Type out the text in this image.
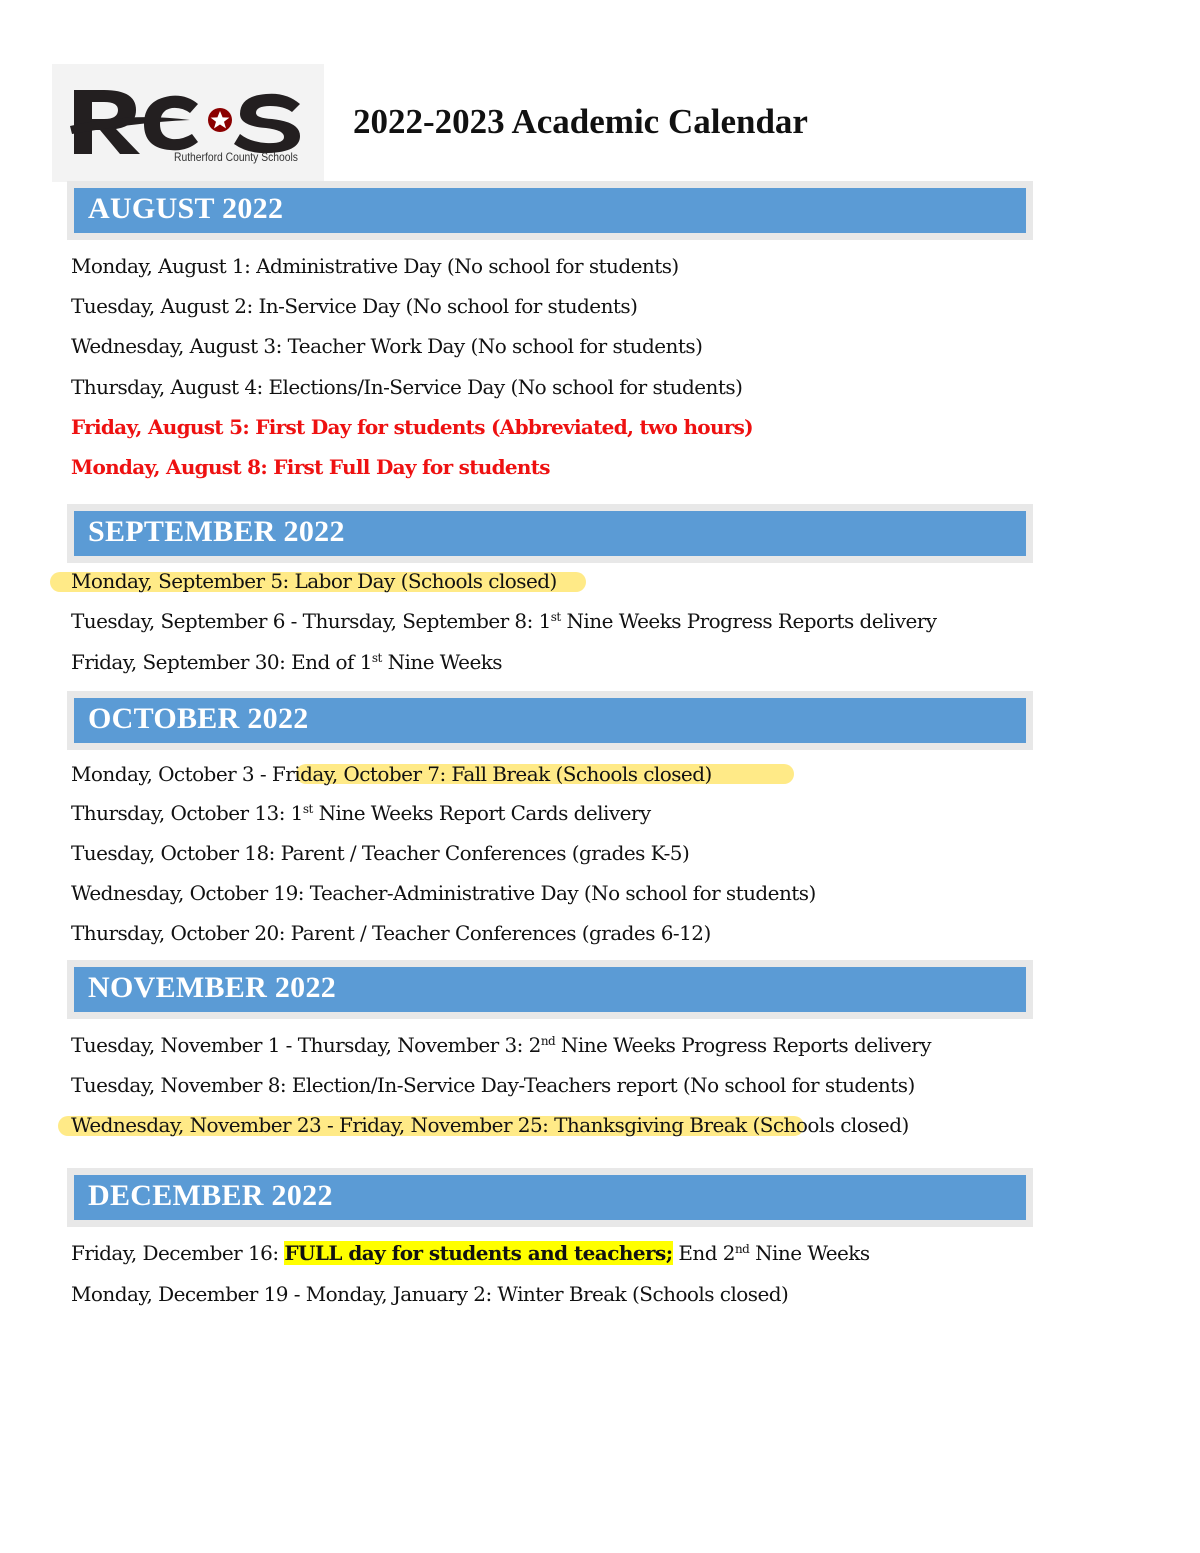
Rutherford County Schools
2022-2023 Academic Calendar
AUGUST 2022

Monday, August 1: Administrative Day (No school for students)

Tuesday, August 2: In-Service Day (No school for students)

Wednesday, August 3: Teacher Work Day (No school for students)

Thursday, August 4: Elections/In-Service Day (No school for students)

Friday, August 5: First Day for students (Abbreviated, two hours)

Monday, August 8: First Full Day for students

SEPTEMBER 2022

Monday, September 5: Labor Day (Schools closed)

Tuesday, September 6 - Thursday, September 8: 1st Nine Weeks Progress Reports delivery

Friday, September 30: End of 1st Nine Weeks

OCTOBER 2022

Monday, October 3 - Friday, October 7: Fall Break (Schools closed)

Thursday, October 13: 1st Nine Weeks Report Cards delivery

Tuesday, October 18: Parent / Teacher Conferences (grades K-5)

Wednesday, October 19: Teacher-Administrative Day (No school for students)

Thursday, October 20: Parent / Teacher Conferences (grades 6-12)

NOVEMBER 2022

Tuesday, November 1 - Thursday, November 3: 2nd Nine Weeks Progress Reports delivery

Tuesday, November 8: Election/In-Service Day-Teachers report (No school for students)

Wednesday, November 23 - Friday, November 25: Thanksgiving Break (Schools closed)

DECEMBER 2022

Friday, December 16: FULL day for students and teachers; End 2nd Nine Weeks

Monday, December 19 - Monday, January 2: Winter Break (Schools closed)
